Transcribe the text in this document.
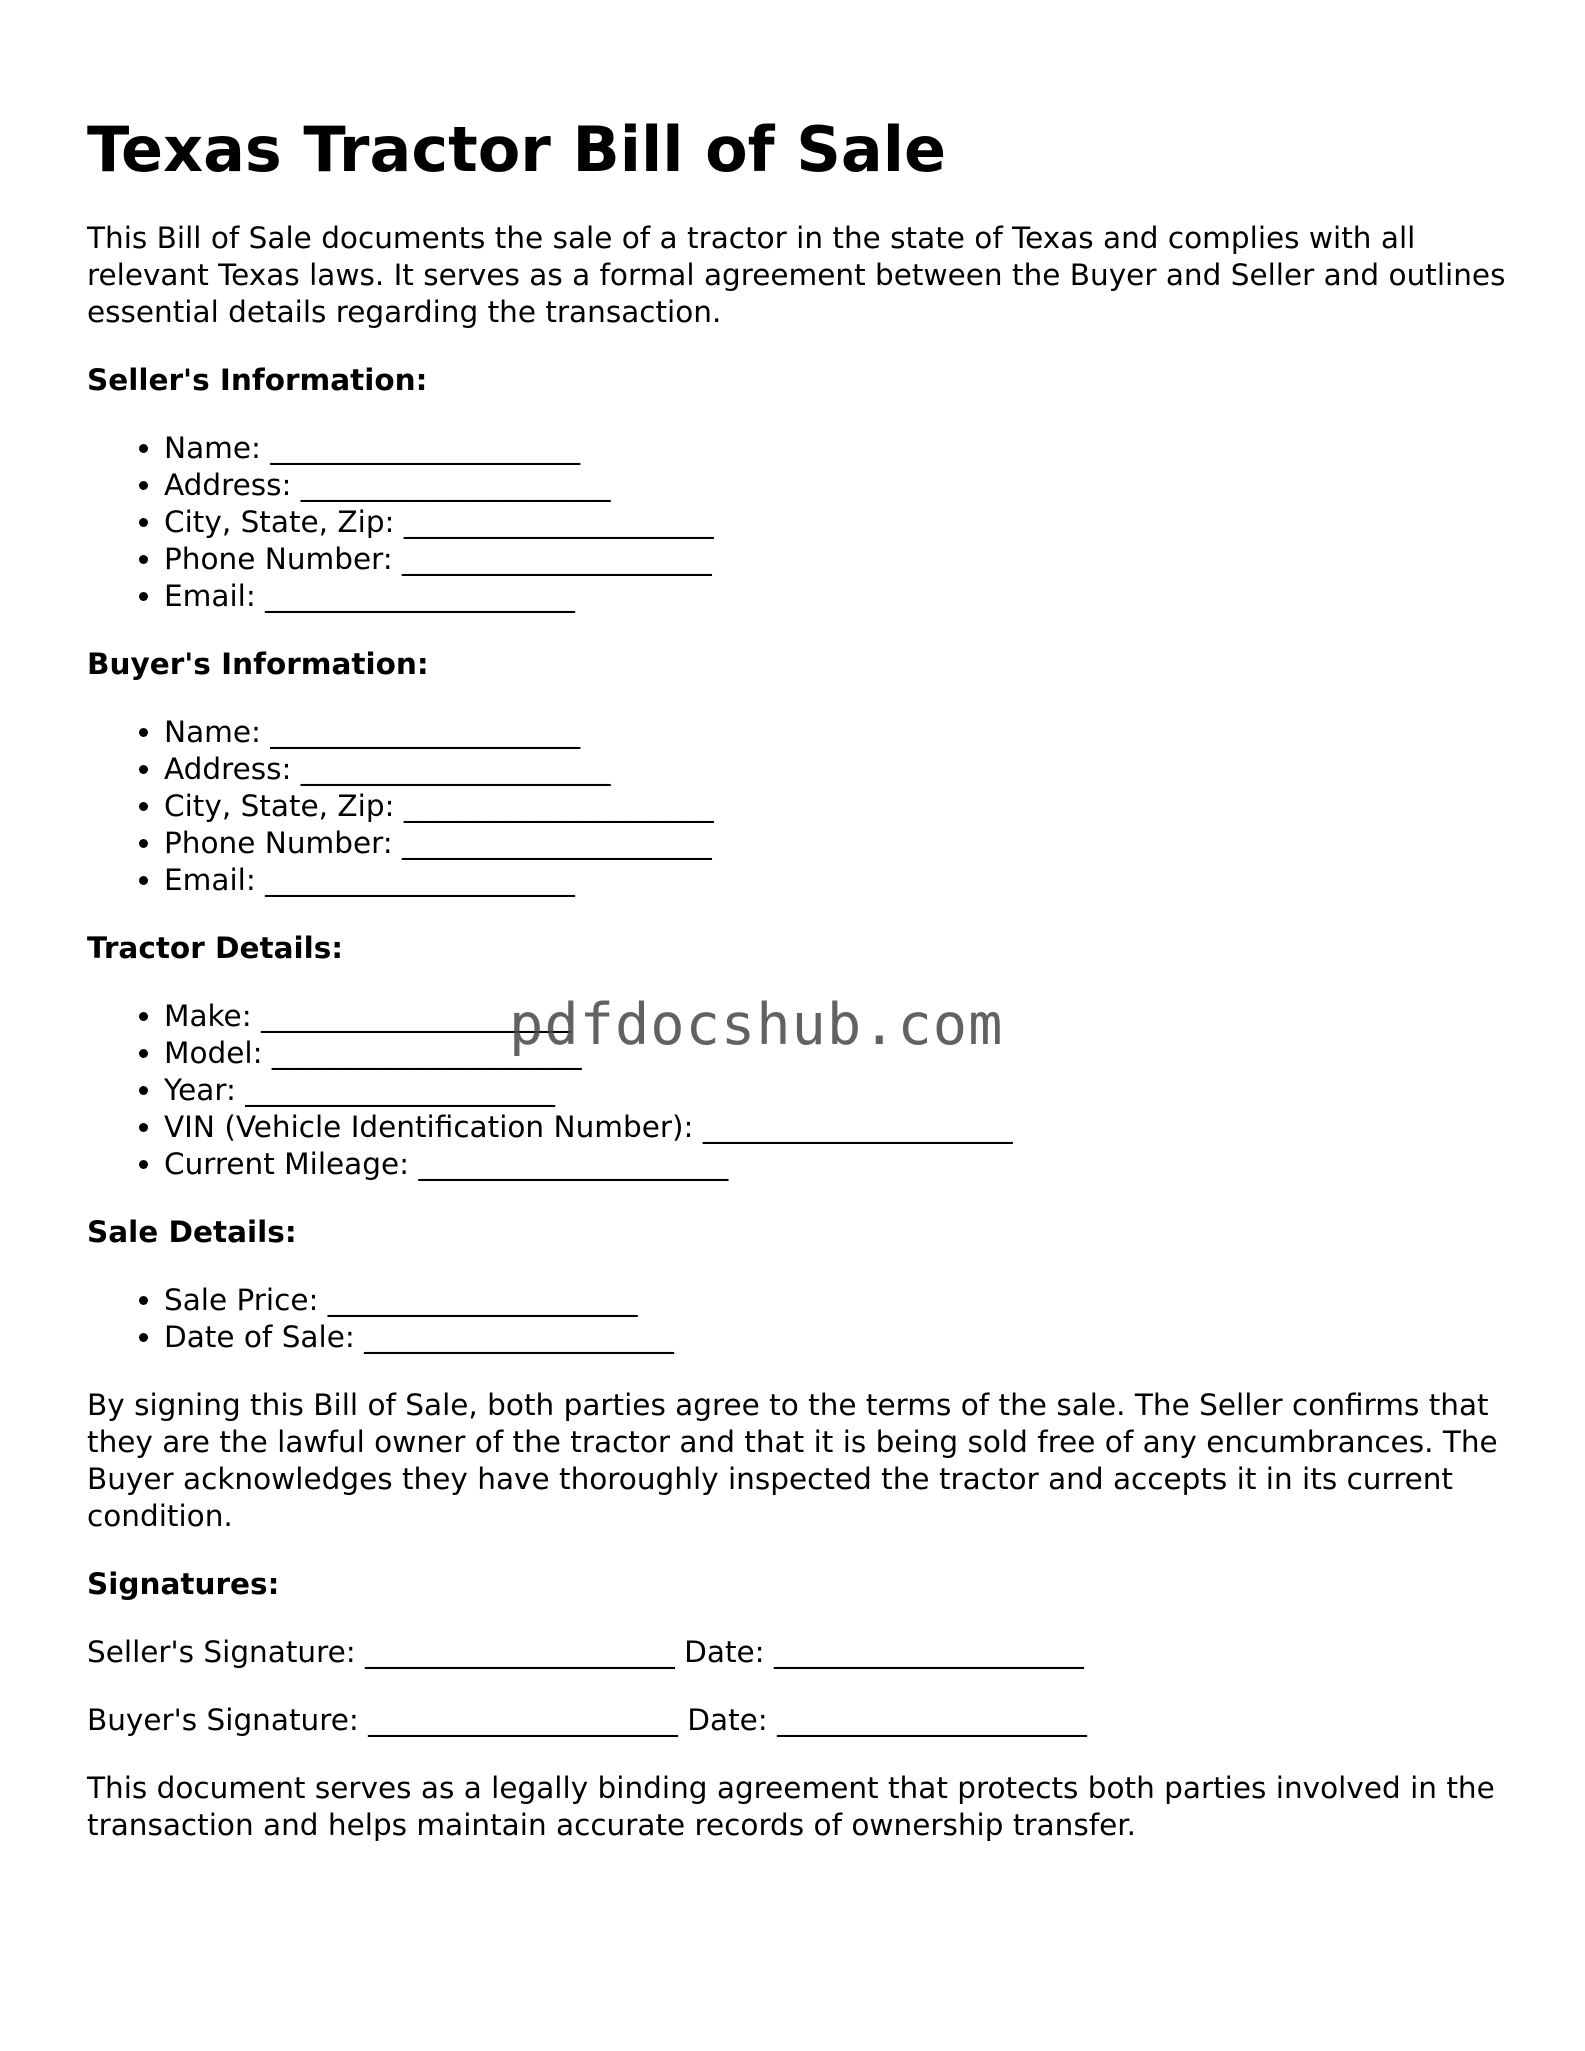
Texas Tractor Bill of Sale

This Bill of Sale documents the sale of a tractor in the state of Texas and complies with all relevant Texas laws. It serves as a formal agreement between the Buyer and Seller and outlines essential details regarding the transaction.

Seller's Information:
• Name: _____________________
• Address: _____________________
• City, State, Zip: _____________________
• Phone Number: _____________________
• Email: _____________________
Buyer's Information:
• Name: _____________________
• Address: _____________________
• City, State, Zip: _____________________
• Phone Number: _____________________
• Email: _____________________
Tractor Details:
• Make: _____________________
• Model: _____________________
• Year: _____________________
• VIN (Vehicle Identification Number): _____________________
• Current Mileage: _____________________
Sale Details:
• Sale Price: _____________________
• Date of Sale: _____________________

By signing this Bill of Sale, both parties agree to the terms of the sale. The Seller confirms that they are the lawful owner of the tractor and that it is being sold free of any encumbrances. The Buyer acknowledges they have thoroughly inspected the tractor and accepts it in its current condition.

Signatures:
Seller's Signature: _____________________ Date: _____________________
Buyer's Signature: _____________________ Date: _____________________

This document serves as a legally binding agreement that protects both parties involved in the transaction and helps maintain accurate records of ownership transfer.

pdfdocshub.com
